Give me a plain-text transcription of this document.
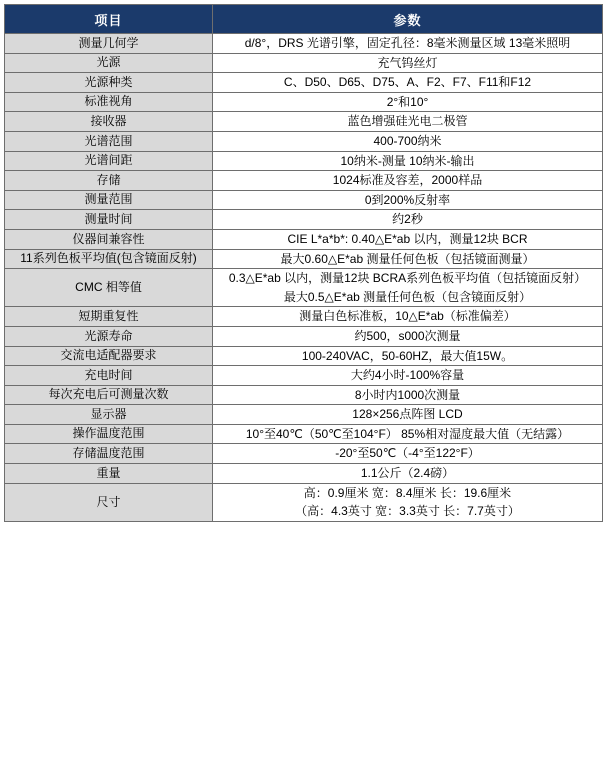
项目	参数
测量几何学	d/8°，DRS 光谱引擎，固定孔径：8毫米测量区域 13毫米照明

光源	充气钨丝灯

光源种类	C、D50、D65、D75、A、F2、F7、F11和F12

标准视角	2°和10°

接收器	蓝色增强硅光电二极管

光谱范围	400-700纳米

光谱间距	10纳米-测量 10纳米-输出

存储	1024标准及容差，2000样品

测量范围	0到200%反射率

测量时间	约2秒

仪器间兼容性	CIE L*a*b*: 0.40△E*ab 以内，测量12块 BCR

11系列色板平均值(包含镜面反射)	最大0.60△E*ab 测量任何色板（包括镜面测量）

CMC 相等值	0.3△E*ab 以内，测量12块 BCRA系列色板平均值（包括镜面反射）
最大0.5△E*ab 测量任何色板（包含镜面反射）

短期重复性	测量白色标准板，10△E*ab（标准偏差）

光源寿命	约500，s000次测量

交流电适配器要求	100-240VAC，50-60HZ，最大值15W。

充电时间	大约4小时-100%容量

每次充电后可测量次数	8小时内1000次测量

显示器	128×256点阵图 LCD

操作温度范围	10°至40℃（50℃至104°F） 85%相对湿度最大值（无结露）

存储温度范围	-20°至50℃（-4°至122°F）

重量	1.1公斤（2.4磅）

尺寸	高：0.9厘米 宽：8.4厘米 长：19.6厘米
（高：4.3英寸 宽：3.3英寸 长：7.7英寸）
